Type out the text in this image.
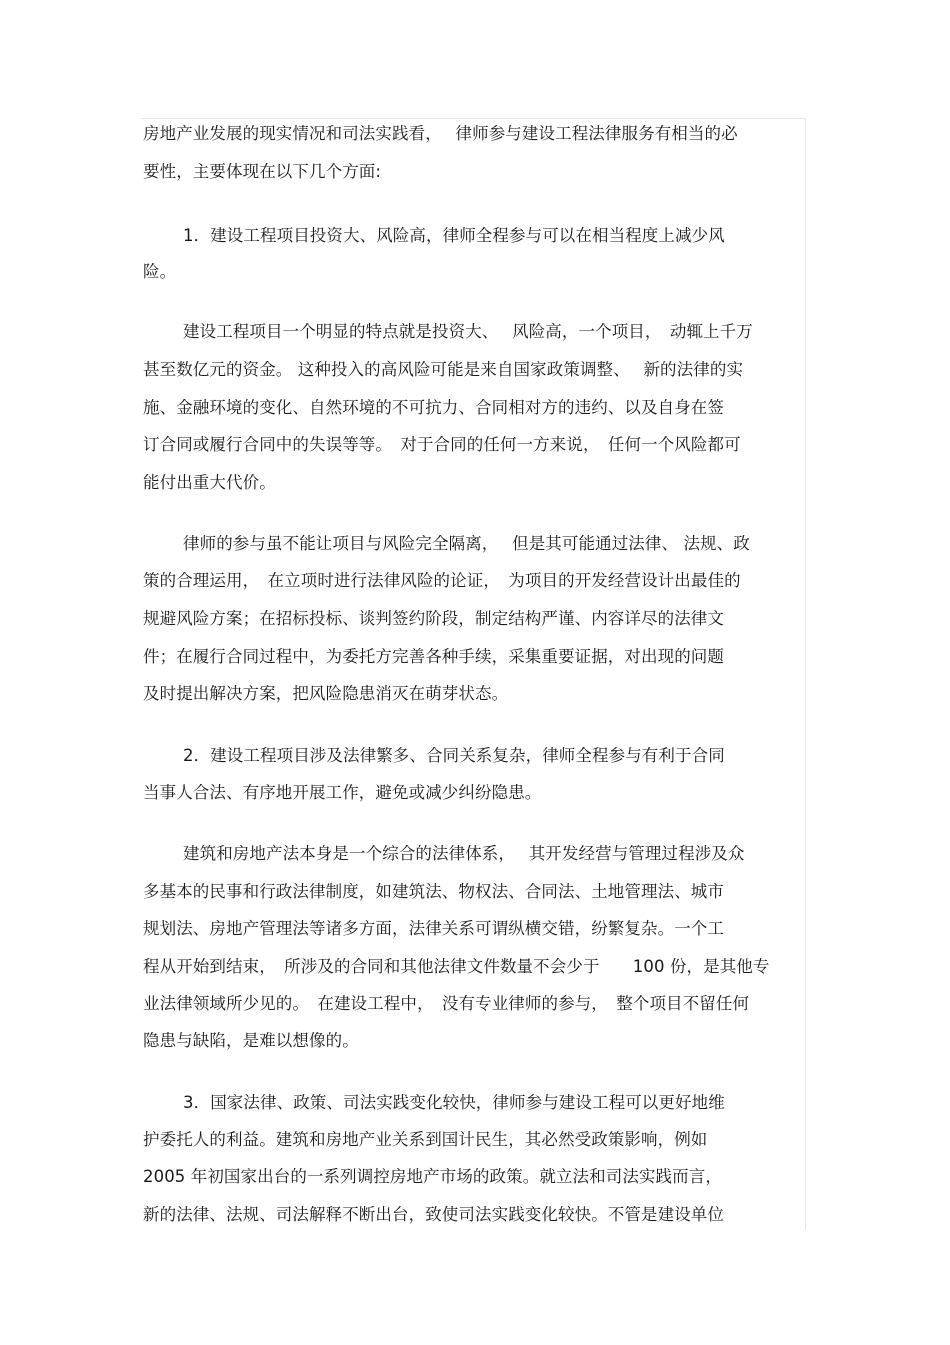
房地产业发展的现实情况和司法实践看，　 律师参与建设工程法律服务有相当的必
要性，主要体现在以下几个方面:
1．建设工程项目投资大、风险高，律师全程参与可以在相当程度上减少风
险。
建设工程项目一个明显的特点就是投资大、　 风险高，一个项目，　动辄上千万
甚至数亿元的资金。 这种投入的高风险可能是来自国家政策调整、　 新的法律的实
施、金融环境的变化、自然环境的不可抗力、合同相对方的违约、以及自身在签
订合同或履行合同中的失误等等。　对于合同的任何一方来说，　任何一个风险都可
能付出重大代价。
律师的参与虽不能让项目与风险完全隔离，　 但是其可能通过法律、 法规、政
策的合理运用，　在立项时进行法律风险的论证，　为项目的开发经营设计出最佳的
规避风险方案；在招标投标、谈判签约阶段，制定结构严谨、内容详尽的法律文
件；在履行合同过程中，为委托方完善各种手续，采集重要证据，对出现的问题
及时提出解决方案，把风险隐患消灭在萌芽状态。
2．建设工程项目涉及法律繁多、合同关系复杂，律师全程参与有利于合同
当事人合法、有序地开展工作，避免或减少纠纷隐患。
建筑和房地产法本身是一个综合的法律体系，　 其开发经营与管理过程涉及众
多基本的民事和行政法律制度，如建筑法、物权法、合同法、土地管理法、城市
规划法、房地产管理法等诸多方面，法律关系可谓纵横交错，纷繁复杂。一个工
程从开始到结束，　所涉及的合同和其他法律文件数量不会少于　　100 份，是其他专
业法律领域所少见的。　在建设工程中，　没有专业律师的参与，　整个项目不留任何
隐患与缺陷，是难以想像的。
3．国家法律、政策、司法实践变化较快，律师参与建设工程可以更好地维
护委托人的利益。建筑和房地产业关系到国计民生，其必然受政策影响，例如
2005 年初国家出台的一系列调控房地产市场的政策。就立法和司法实践而言，
新的法律、法规、司法解释不断出台，致使司法实践变化较快。不管是建设单位
